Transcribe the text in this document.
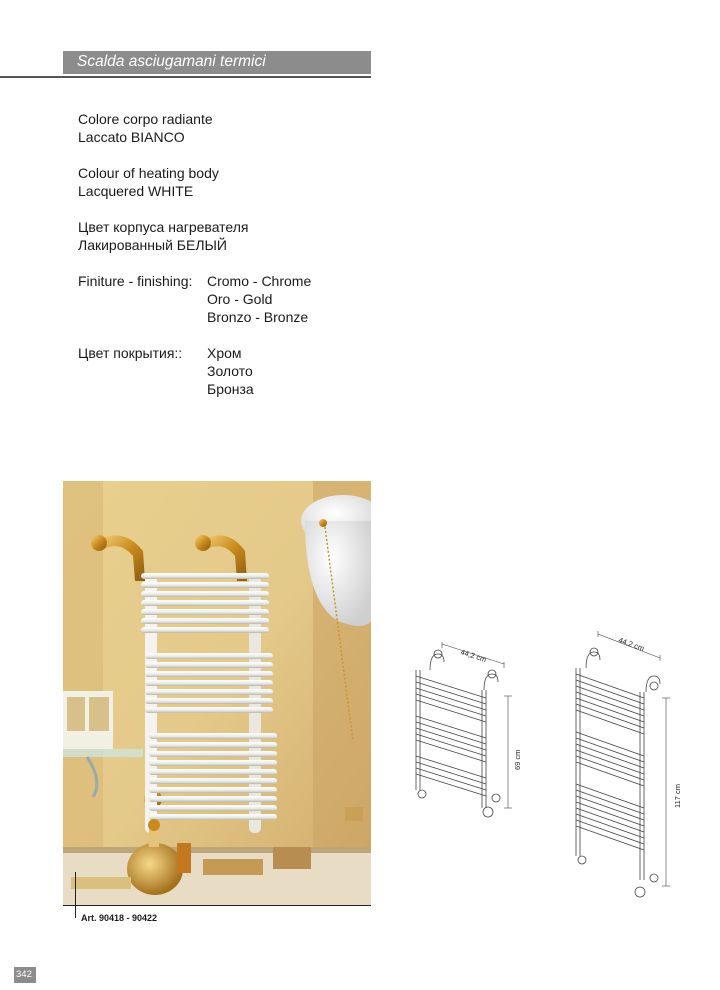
Scalda asciugamani termici
Colore corpo radiante
Laccato BIANCO
Colour of heating body
Lacquered WHITE
Цвет корпуса нагревателя
Лакированный БЕЛЫЙ
Finiture - finishing: Cromo - Chrome
Oro - Gold
Bronzo - Bronze
Цвет покрытия:: Хром
Золото
Бронза
Art. 90418 - 90422
44,2 cm
69 cm
44,2 cm
117 cm
342
